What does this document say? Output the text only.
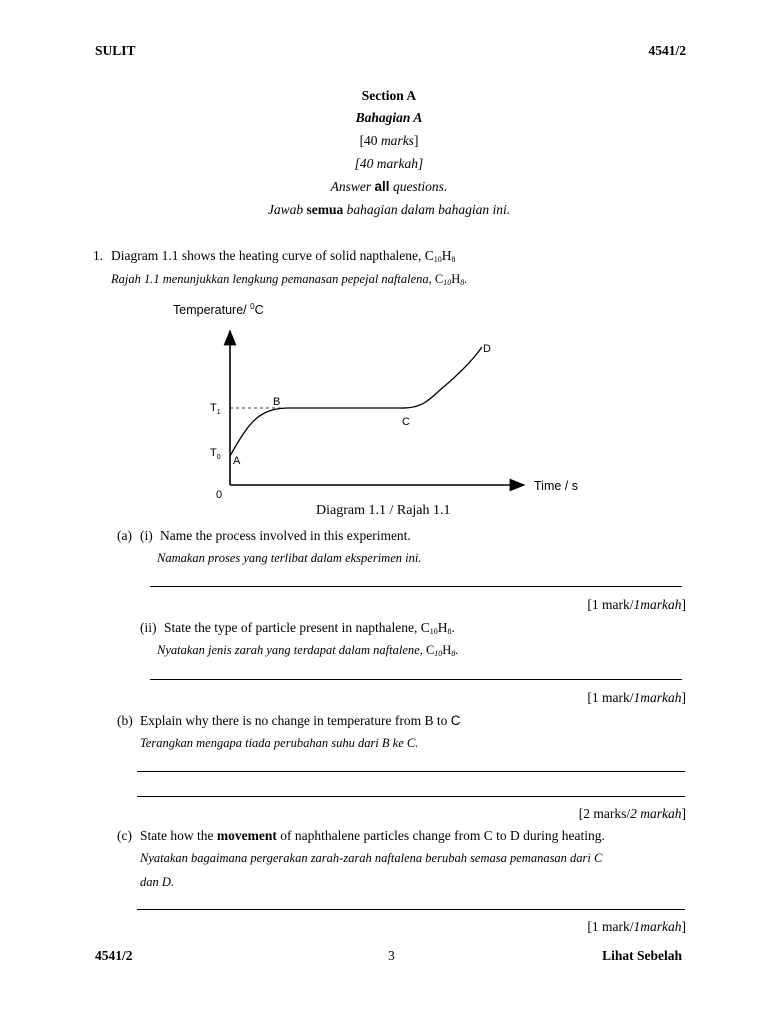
SULIT	4541/2
Section A
Bahagian A
[40 marks]
[40 markah]
Answer all questions.
Jawab semua bahagian dalam bahagian ini.
1. Diagram 1.1 shows the heating curve of solid napthalene, $C_{10}H_8$
Rajah 1.1 menunjukkan lengkung pemanasan pepejal naftalena, $C_{10}H_8$.
Temperature/ $^0$C
Time / s
0
$T_1$
$T_0$ A
B
C
D
Diagram 1.1 / Rajah 1.1
(a) (i) Name the process involved in this experiment.
Namakan proses yang terlibat dalam eksperimen ini.
[1 mark/1markah]
(ii) State the type of particle present in napthalene, $C_{10}H_8$.
Nyatakan jenis zarah yang terdapat dalam naftalene, $C_{10}H_8$.
[1 mark/1markah]
(b) Explain why there is no change in temperature from B to C
Terangkan mengapa tiada perubahan suhu dari B ke C.
[2 marks/2 markah]
(c) State how the movement of naphthalene particles change from C to D during heating.
Nyatakan bagaimana pergerakan zarah-zarah naftalena berubah semasa pemanasan dari C
dan D.
[1 mark/1markah]
4541/2	3	Lihat Sebelah
